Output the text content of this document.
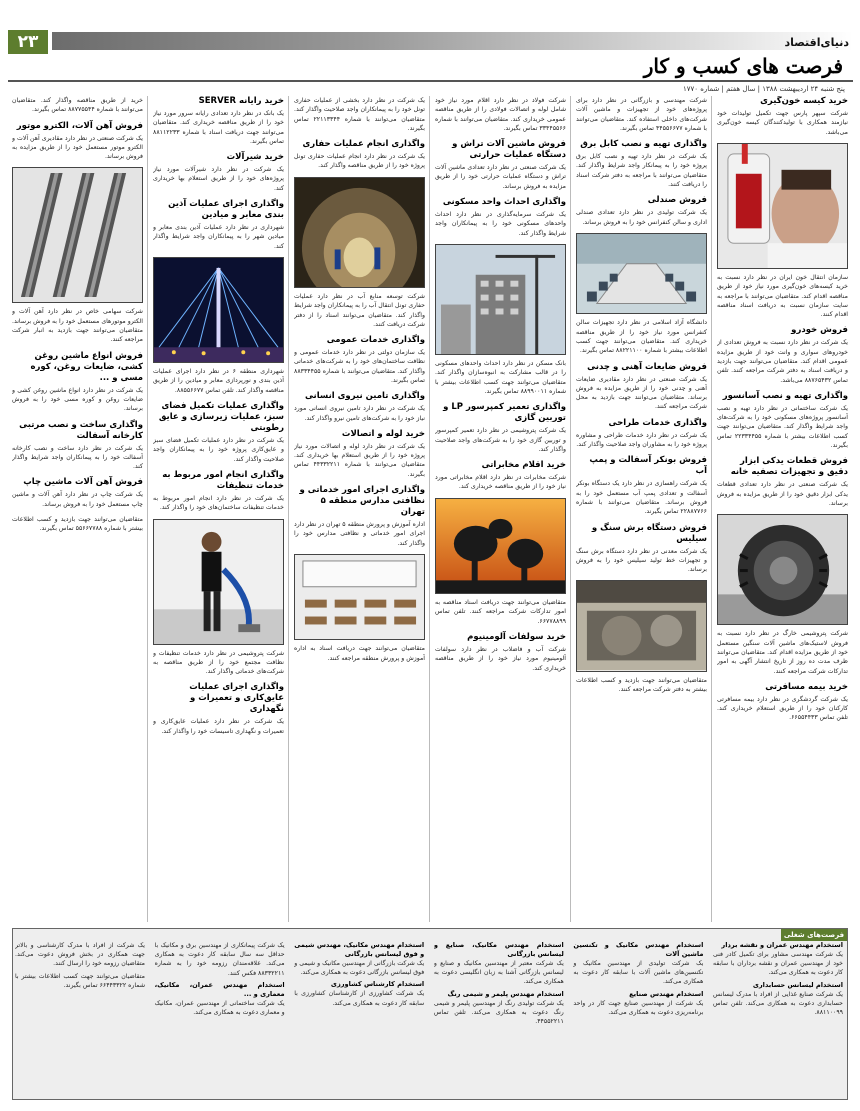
۲۳	دنیای‌اقتصاد
فرصت های کسب و کار
پنج شنبه ۲۴ اردیبهشت ۱۳۸۸ | سال هفتم | شماره ۱۷۷۰
خرید کیسه خون‌گیری

شرکت سپهر پارس جهت تکمیل تولیدات خود نیازمند همکاری با تولیدکنندگان کیسه خون‌گیری می‌باشد.

سازمان انتقال خون ایران در نظر دارد نسبت به خرید کیسه‌های خون‌گیری مورد نیاز خود از طریق مناقصه اقدام کند. متقاضیان می‌توانند با مراجعه به سایت سازمان نسبت به دریافت اسناد مناقصه اقدام کنند.

فروش خودرو

یک شرکت در نظر دارد نسبت به فروش تعدادی از خودروهای سواری و وانت خود از طریق مزایده عمومی اقدام کند. متقاضیان می‌توانند جهت بازدید و دریافت اسناد به دفتر شرکت مراجعه کنند. تلفن تماس ۸۸۷۶۵۴۳۲ می‌باشد.

واگذاری تهیه و نصب آسانسور

یک شرکت ساختمانی در نظر دارد تهیه و نصب آسانسور پروژه‌های مسکونی خود را به شرکت‌های واجد شرایط واگذار کند. متقاضیان می‌توانند جهت کسب اطلاعات بیشتر با شماره ۲۲۳۳۴۴۵۵ تماس بگیرند.

فروش قطعات یدکی ابزار دقیق و تجهیزات تصفیه خانه

یک شرکت صنعتی در نظر دارد تعدادی قطعات یدکی ابزار دقیق خود را از طریق مزایده به فروش برساند.

شرکت پتروشیمی خارگ در نظر دارد نسبت به فروش لاستیک‌های ماشین آلات سنگین مستعمل خود از طریق مزایده اقدام کند. متقاضیان می‌توانند ظرف مدت ده روز از تاریخ انتشار آگهی به امور تدارکات شرکت مراجعه کنند.

خرید بیمه مسافرتی

یک شرکت گردشگری در نظر دارد بیمه مسافرتی کارکنان خود را از طریق استعلام خریداری کند. تلفن تماس ۶۶۵۵۴۴۳۳.

شرکت مهندسی و بازرگانی در نظر دارد برای پروژه‌های خود از تجهیزات و ماشین آلات شرکت‌های داخلی استفاده کند. متقاضیان می‌توانند با شماره ۴۴۵۵۶۶۷۷ تماس بگیرند.

واگذاری تهیه و نصب کابل برق

یک شرکت در نظر دارد تهیه و نصب کابل برق پروژه خود را به پیمانکار واجد شرایط واگذار کند. متقاضیان می‌توانند با مراجعه به دفتر شرکت اسناد را دریافت کنند.

فروش صندلی

یک شرکت تولیدی در نظر دارد تعدادی صندلی اداری و سالن کنفرانس خود را به فروش برساند.

دانشگاه آزاد اسلامی در نظر دارد تجهیزات سالن کنفرانس مورد نیاز خود را از طریق مناقصه خریداری کند. متقاضیان می‌توانند جهت کسب اطلاعات بیشتر با شماره ۸۸۲۲۱۱۰۰ تماس بگیرند.

فروش ضایعات آهنی و چدنی

یک شرکت صنعتی در نظر دارد مقادیری ضایعات آهنی و چدنی خود را از طریق مزایده به فروش برساند. متقاضیان می‌توانند جهت بازدید به محل شرکت مراجعه کنند.

واگذاری خدمات طراحی

یک شرکت در نظر دارد خدمات طراحی و مشاوره پروژه خود را به مشاوران واجد صلاحیت واگذار کند.

فروش بونکر آسفالت و پمپ آب

یک شرکت راهسازی در نظر دارد یک دستگاه بونکر آسفالت و تعدادی پمپ آب مستعمل خود را به فروش برساند. متقاضیان می‌توانند با شماره ۲۲۸۸۷۷۶۶ تماس بگیرند.

فروش دستگاه برش سنگ و سیلیس

یک شرکت معدنی در نظر دارد دستگاه برش سنگ و تجهیزات خط تولید سیلیس خود را به فروش برساند.

متقاضیان می‌توانند جهت بازدید و کسب اطلاعات بیشتر به دفتر شرکت مراجعه کنند.

شرکت فولاد در نظر دارد اقلام مورد نیاز خود شامل لوله و اتصالات فولادی را از طریق مناقصه عمومی خریداری کند. متقاضیان می‌توانند با شماره ۳۳۴۴۵۵۶۶ تماس بگیرند.

فروش ماشین آلات تراش و دستگاه عملیات حرارتی

یک شرکت صنعتی در نظر دارد تعدادی ماشین آلات تراش و دستگاه عملیات حرارتی خود را از طریق مزایده به فروش برساند.

واگذاری احداث واحد مسکونی

یک شرکت سرمایه‌گذاری در نظر دارد احداث واحدهای مسکونی خود را به پیمانکاران واجد شرایط واگذار کند.

بانک مسکن در نظر دارد احداث واحدهای مسکونی را در قالب مشارکت به انبوه‌سازان واگذار کند. متقاضیان می‌توانند جهت کسب اطلاعات بیشتر با شماره ۸۸۹۹۰۰۱۱ تماس بگیرند.

واگذاری تعمیر کمپرسور LP و توربین گازی

یک شرکت پتروشیمی در نظر دارد تعمیر کمپرسور و توربین گازی خود را به شرکت‌های واجد صلاحیت واگذار کند.

خرید اقلام مخابراتی

شرکت مخابرات در نظر دارد اقلام مخابراتی مورد نیاز خود را از طریق مناقصه خریداری کند.

متقاضیان می‌توانند جهت دریافت اسناد مناقصه به امور تدارکات شرکت مراجعه کنند. تلفن تماس ۶۶۷۷۸۸۹۹.

خرید سولفات آلومینیوم

شرکت آب و فاضلاب در نظر دارد سولفات آلومینیوم مورد نیاز خود را از طریق مناقصه خریداری کند.

یک شرکت در نظر دارد بخشی از عملیات حفاری تونل خود را به پیمانکاران واجد صلاحیت واگذار کند. متقاضیان می‌توانند با شماره ۲۲۱۱۳۳۴۴ تماس بگیرند.

واگذاری انجام عملیات حفاری

یک شرکت در نظر دارد انجام عملیات حفاری تونل پروژه خود را از طریق مناقصه واگذار کند.

شرکت توسعه منابع آب در نظر دارد عملیات حفاری تونل انتقال آب را به پیمانکاران واجد شرایط واگذار کند. متقاضیان می‌توانند اسناد را از دفتر شرکت دریافت کنند.

واگذاری خدمات عمومی

یک سازمان دولتی در نظر دارد خدمات عمومی و نظافت ساختمان‌های خود را به شرکت‌های خدماتی واگذار کند. متقاضیان می‌توانند با شماره ۸۸۳۳۴۴۵۵ تماس بگیرند.

واگذاری تامین نیروی انسانی

یک شرکت در نظر دارد تامین نیروی انسانی مورد نیاز خود را به شرکت‌های تامین نیرو واگذار کند.

خرید لوله و اتصالات

یک شرکت در نظر دارد لوله و اتصالات مورد نیاز پروژه خود را از طریق استعلام بها خریداری کند. متقاضیان می‌توانند با شماره ۴۴۳۳۲۲۱۱ تماس بگیرند.

واگذاری اجرای امور خدماتی و نظافتی مدارس منطقه ۵ تهران

اداره آموزش و پرورش منطقه ۵ تهران در نظر دارد اجرای امور خدماتی و نظافتی مدارس خود را واگذار کند.

متقاضیان می‌توانند جهت دریافت اسناد به اداره آموزش و پرورش منطقه مراجعه کنند.

خرید رایانه SERVER

یک بانک در نظر دارد تعدادی رایانه سرور مورد نیاز خود را از طریق مناقصه خریداری کند. متقاضیان می‌توانند جهت دریافت اسناد با شماره ۸۸۱۱۲۲۳۳ تماس بگیرند.

خرید شیرآلات

یک شرکت در نظر دارد شیرآلات مورد نیاز پروژه‌های خود را از طریق استعلام بها خریداری کند.

واگذاری اجرای عملیات آذین بندی معابر و میادین

شهرداری در نظر دارد عملیات آذین بندی معابر و میادین شهر را به پیمانکاران واجد شرایط واگذار کند.

شهرداری منطقه ۶ در نظر دارد اجرای عملیات آذین بندی و نورپردازی معابر و میادین را از طریق مناقصه واگذار کند. تلفن تماس ۸۸۵۵۶۶۷۷.

واگذاری عملیات تکمیل فضای سبز، عملیات زیرسازی و عایق رطوبتی

یک شرکت در نظر دارد عملیات تکمیل فضای سبز و عایق‌کاری پروژه خود را به پیمانکاران واجد صلاحیت واگذار کند.

واگذاری انجام امور مربوط به خدمات تنظیفات

یک شرکت در نظر دارد انجام امور مربوط به خدمات تنظیفات ساختمان‌های خود را واگذار کند.

شرکت پتروشیمی در نظر دارد خدمات تنظیفات و نظافت مجتمع خود را از طریق مناقصه به شرکت‌های خدماتی واگذار کند.

واگذاری اجرای عملیات عایق‌کاری و تعمیرات و نگهداری

یک شرکت در نظر دارد عملیات عایق‌کاری و تعمیرات و نگهداری تاسیسات خود را واگذار کند.

خرید از طریق مناقصه واگذار کند. متقاضیان می‌توانند با شماره ۸۸۷۷۵۵۴۴ تماس بگیرند.

فروش آهن آلات، الکترو موتور

یک شرکت صنعتی در نظر دارد مقادیری آهن آلات و الکترو موتور مستعمل خود را از طریق مزایده به فروش برساند.

شرکت سهامی خاص در نظر دارد آهن آلات و الکترو موتورهای مستعمل خود را به فروش برساند. متقاضیان می‌توانند جهت بازدید به انبار شرکت مراجعه کنند.

فروش انواع ماشین روغن کشی، ضایعات روغن، کوره مسی و ...

یک شرکت در نظر دارد انواع ماشین روغن کشی و ضایعات روغن و کوره مسی خود را به فروش برساند.

واگذاری ساخت و نصب مرتبی کارخانه آسفالت

یک شرکت در نظر دارد ساخت و نصب کارخانه آسفالت خود را به پیمانکاران واجد شرایط واگذار کند.

فروش آهن آلات ماشین چاپ

یک شرکت چاپ در نظر دارد آهن آلات و ماشین چاپ مستعمل خود را به فروش برساند.

متقاضیان می‌توانند جهت بازدید و کسب اطلاعات بیشتر با شماره ۵۵۶۶۷۷۸۸ تماس بگیرند.

فرصت‌های شغلی
استخدام مهندس عمران و نقشه بردار

یک شرکت مهندسی مشاور برای تکمیل کادر فنی خود از مهندسین عمران و نقشه برداران با سابقه کار دعوت به همکاری می‌کند.

استخدام لیسانس حسابداری

یک شرکت صنایع غذایی از افراد با مدرک لیسانس حسابداری دعوت به همکاری می‌کند. تلفن تماس ۸۸۱۱۰۰۹۹.

استخدام مهندس مکانیک و تکنسین ماشین آلات

یک شرکت تولیدی از مهندسین مکانیک و تکنسین‌های ماشین آلات با سابقه کار دعوت به همکاری می‌کند.

استخدام مهندس صنایع

یک شرکت از مهندسین صنایع جهت کار در واحد برنامه‌ریزی دعوت به همکاری می‌کند.

استخدام مهندس مکانیک، صنایع و لیسانس بازرگانی

یک شرکت معتبر از مهندسین مکانیک و صنایع و لیسانس بازرگانی آشنا به زبان انگلیسی دعوت به همکاری می‌کند.

استخدام مهندس پلیمر و شیمی رنگ

یک شرکت تولیدی رنگ از مهندسین پلیمر و شیمی رنگ دعوت به همکاری می‌کند. تلفن تماس ۴۴۵۵۲۲۱۱.

استخدام مهندس مکانیک، مهندس شیمی و فوق لیسانس بازرگانی

یک شرکت بازرگانی از مهندسین مکانیک و شیمی و فوق لیسانس بازرگانی دعوت به همکاری می‌کند.

استخدام کارشناس کشاورزی

یک شرکت کشاورزی از کارشناسان کشاورزی با سابقه کار دعوت به همکاری می‌کند.

یک شرکت پیمانکاری از مهندسین برق و مکانیک با حداقل سه سال سابقه کار دعوت به همکاری می‌کند. علاقه‌مندان رزومه خود را به شماره ۸۸۳۳۲۲۱۱ فکس کنند.

استخدام مهندس عمران، مکانیک، معماری و ...

یک شرکت ساختمانی از مهندسین عمران، مکانیک و معماری دعوت به همکاری می‌کند.

یک شرکت از افراد با مدرک کارشناسی و بالاتر جهت همکاری در بخش فروش دعوت می‌کند. متقاضیان رزومه خود را ارسال کنند.

متقاضیان می‌توانند جهت کسب اطلاعات بیشتر با شماره ۶۶۴۴۳۳۲۲ تماس بگیرند.
